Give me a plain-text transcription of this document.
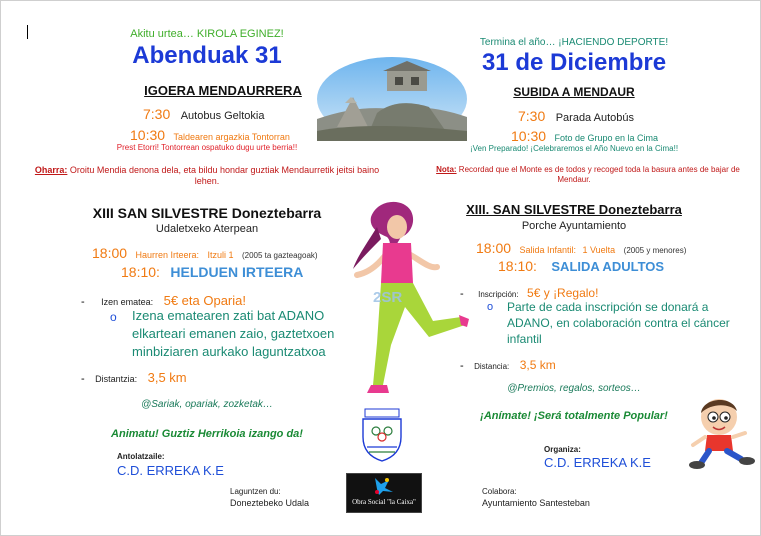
Akitu urtea… KIROLA EGINEZ!
Abenduak 31
IGOERA MENDAURRERA
7:30 Autobus Geltokia
10:30 Taldearen argazkia Tontorran
Prest Etorri! Tontorrean ospatuko dugu urte berria!!
Oharra: Oroitu Mendia denona dela, eta bildu hondar guztiak Mendaurretik jeitsi baino
lehen.
Termina el año… ¡HACIENDO DEPORTE!
31 de Diciembre
SUBIDA A MENDAUR
7:30 Parada Autobús
10:30 Foto de Grupo en la Cima
¡Ven Preparado! ¡Celebraremos el Año Nuevo en la Cima!!
Nota: Recordad que el Monte es de todos y recoged toda la basura antes de bajar de
Mendaur.
XIII SAN SILVESTRE Doneztebarra
Udaletxeko Aterpean
18:00 Haurren Irteera: Itzuli 1 (2005 ta gazteagoak)
18:10: HELDUEN IRTEERA
- Izen ematea: 5€ eta Oparia!
o Izena ematearen zati bat ADANO
elkarteari emanen zaio, gaztetxoen
minbiziaren aurkako laguntzatxoa
- Distantzia: 3,5 km
@Sariak, opariak, zozketak…
Animatu! Guztiz Herrikoia izango da!
Antolatzaile:
C.D. ERREKA K.E
Laguntzen du:
Doneztebeko Udala
XIII. SAN SILVESTRE Doneztebarra
Porche Ayuntamiento
18:00 Salida Infantil: 1 Vuelta (2005 y menores)
18:10: SALIDA ADULTOS
- Inscripción: 5€ y ¡Regalo!
o Parte de cada inscripción se donará a
ADANO, en colaboración contra el cáncer
infantil
- Distancia: 3,5 km
@Premios, regalos, sorteos…
¡Anímate! ¡Será totalmente Popular!
Organiza:
C.D. ERREKA K.E
Colabora:
Ayuntamiento Santesteban
2SR
Obra Social "la Caixa"
